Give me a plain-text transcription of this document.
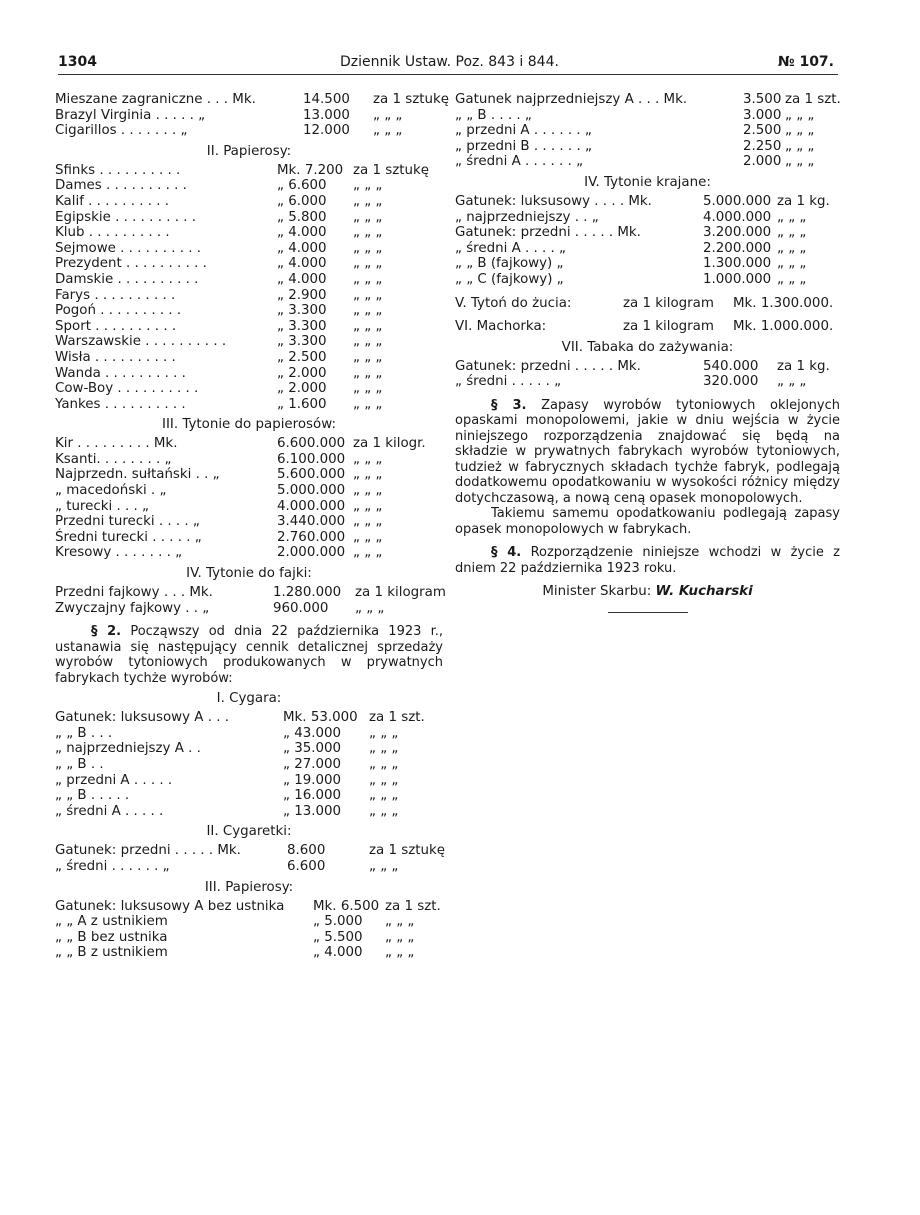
1304	Dziennik Ustaw. Poz. 843 i 844.	№ 107.
Mieszane zagraniczne . . . Mk.	14.500 za 1 sztukę
Brazyl Virginia . . . . . „	13.000 „ „ „
Cigarillos . . . . . . . „	12.000 „ „ „
II. Papierosy:
Sfinks . . . . . . . . . .	Mk. 7.200 za 1 sztukę
Dames . . . . . . . . . .	„ 6.600 „ „ „
Kalif . . . . . . . . . .	„ 6.000 „ „ „
Egipskie . . . . . . . . . .	„ 5.800 „ „ „
Klub . . . . . . . . . .	„ 4.000 „ „ „
Sejmowe . . . . . . . . . .	„ 4.000 „ „ „
Prezydent . . . . . . . . . .	„ 4.000 „ „ „
Damskie . . . . . . . . . .	„ 4.000 „ „ „
Farys . . . . . . . . . .	„ 2.900 „ „ „
Pogoń . . . . . . . . . .	„ 3.300 „ „ „
Sport . . . . . . . . . .	„ 3.300 „ „ „
Warszawskie . . . . . . . . . .	„ 3.300 „ „ „
Wisła . . . . . . . . . .	„ 2.500 „ „ „
Wanda . . . . . . . . . .	„ 2.000 „ „ „
Cow-Boy . . . . . . . . . .	„ 2.000 „ „ „
Yankes . . . . . . . . . .	„ 1.600 „ „ „
III. Tytonie do papierosów:
Kir . . . . . . . . . Mk.	6.600.000 za 1 kilogr.
Ksanti. . . . . . . . „	6.100.000 „ „ „
Najprzedn. sułtański . . „	5.600.000 „ „ „
„ macedoński . „	5.000.000 „ „ „
„ turecki . . . „	4.000.000 „ „ „
Przedni turecki . . . . „	3.440.000 „ „ „
Średni turecki . . . . . „	2.760.000 „ „ „
Kresowy . . . . . . . „	2.000.000 „ „ „
IV. Tytonie do fajki:
Przedni fajkowy . . . Mk.	1.280.000 za 1 kilogram
Zwyczajny fajkowy . . „	960.000 „ „ „

§ 2. Począwszy od dnia 22 października 1923 r., ustanawia się następujący cennik detalicznej sprzedaży wyrobów tytoniowych produkowanych w prywatnych fabrykach tychże wyrobów:

I. Cygara:
Gatunek: luksusowy A . . .	Mk. 53.000 za 1 szt.
„ „ B . . .	„ 43.000 „ „ „
„ najprzedniejszy A . .	„ 35.000 „ „ „
„ „ B . .	„ 27.000 „ „ „
„ przedni A . . . . .	„ 19.000 „ „ „
„ „ B . . . . .	„ 16.000 „ „ „
„ średni A . . . . .	„ 13.000 „ „ „
II. Cygaretki:
Gatunek: przedni . . . . . Mk.	8.600	za 1 sztukę
„ średni . . . . . . „	6.600	„ „ „
III. Papierosy:
Gatunek: luksusowy A bez ustnika Mk. 6.500 za 1 szt.
„ „ A z ustnikiem	„ 5.000 „ „ „
„ „ B bez ustnika	„ 5.500 „ „ „
„ „ B z ustnikiem	„ 4.000 „ „ „
Gatunek najprzedniejszy A . . . Mk.	3.500 za 1 szt.
„ „ B . . . . „	3.000 „ „ „
„ przedni A . . . . . . „	2.500 „ „ „
„ przedni B . . . . . . „	2.250 „ „ „
„ średni A . . . . . . „	2.000 „ „ „
IV. Tytonie krajane:
Gatunek: luksusowy . . . . Mk.	5.000.000 za 1 kg.
„ najprzedniejszy . . „	4.000.000 „ „ „
Gatunek: przedni . . . . . Mk.	3.200.000 „ „ „
„ średni A . . . . „	2.200.000 „ „ „
„ „ B (fajkowy) „	1.300.000 „ „ „
„ „ C (fajkowy) „	1.000.000 „ „ „
V. Tytoń do żucia:	za 1 kilogram Mk. 1.300.000.
VI. Machorka:	za 1 kilogram Mk. 1.000.000.
VII. Tabaka do zażywania:
Gatunek: przedni . . . . . Mk.	540.000 za 1 kg.
„ średni . . . . . „	320.000 „ „ „

§ 3. Zapasy wyrobów tytoniowych oklejonych opaskami monopolowemi, jakie w dniu wejścia w życie niniejszego rozporządzenia znajdować się będą na składzie w prywatnych fabrykach wyrobów tytoniowych, tudzież w fabrycznych składach tychże fabryk, podlegają dodatkowemu opodatkowaniu w wysokości różnicy między dotychczasową, a nową ceną opasek monopolowych.

Takiemu samemu opodatkowaniu podlegają zapasy opasek monopolowych w fabrykach.

§ 4. Rozporządzenie niniejsze wchodzi w życie z dniem 22 października 1923 roku.

Minister Skarbu: W. Kucharski
